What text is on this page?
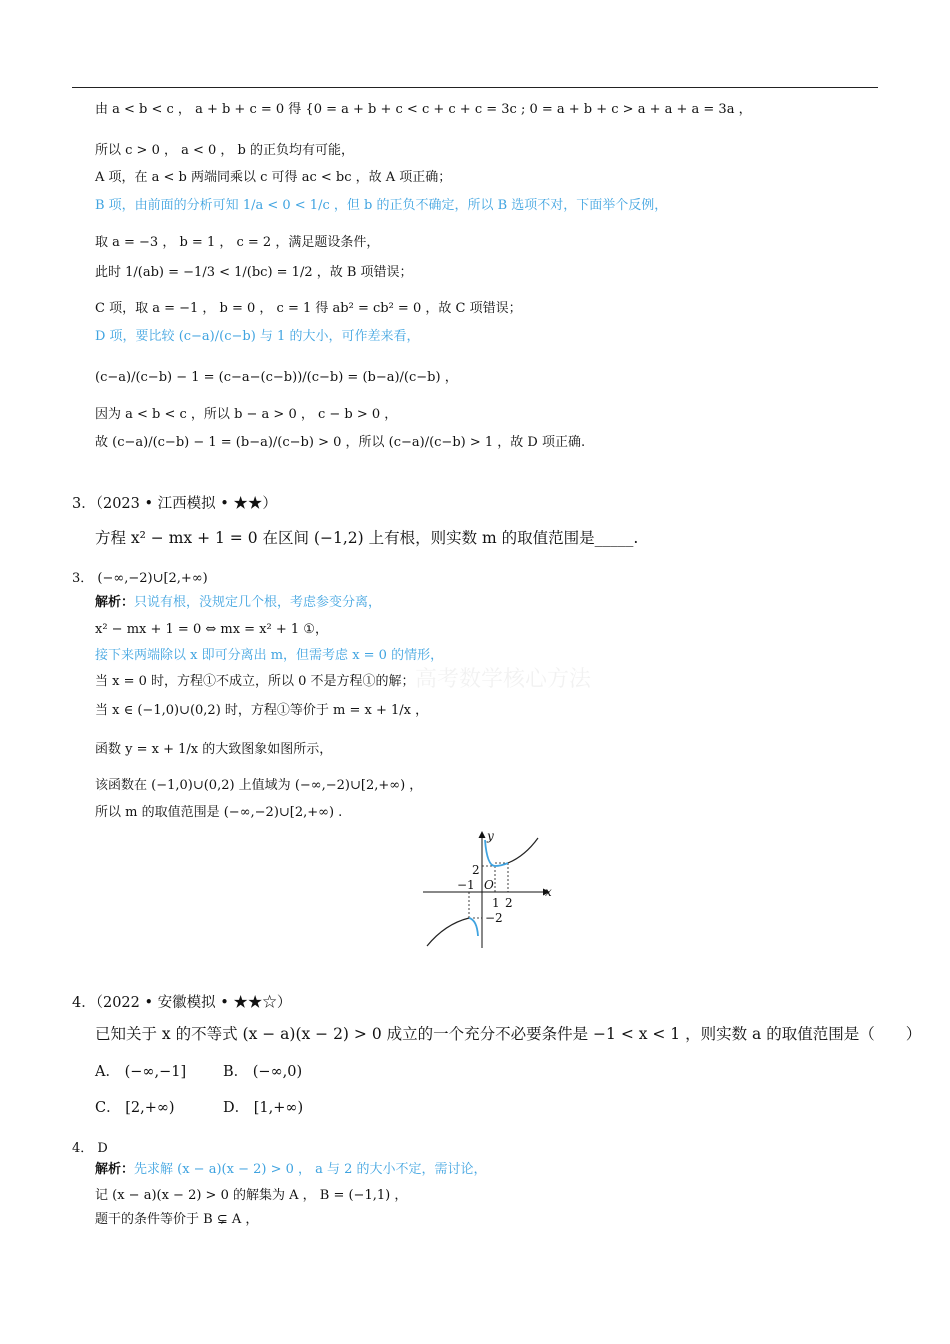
由 a < b < c ， a + b + c = 0 得 {0 = a + b + c < c + c + c = 3c ; 0 = a + b + c > a + a + a = 3a ，
所以 c > 0 ， a < 0 ， b 的正负均有可能，
A 项，在 a < b 两端同乘以 c 可得 ac < bc ，故 A 项正确；
B 项，由前面的分析可知 1/a < 0 < 1/c ，但 b 的正负不确定，所以 B 选项不对，下面举个反例，
取 a = −3 ， b = 1 ， c = 2 ，满足题设条件，
此时 1/(ab) = −1/3 < 1/(bc) = 1/2 ，故 B 项错误；
C 项，取 a = −1 ， b = 0 ， c = 1 得 ab² = cb² = 0 ，故 C 项错误；
D 项，要比较 (c−a)/(c−b) 与 1 的大小，可作差来看，
(c−a)/(c−b) − 1 = (c−a−(c−b))/(c−b) = (b−a)/(c−b) ，
因为 a < b < c ，所以 b − a > 0 ， c − b > 0 ，
故 (c−a)/(c−b) − 1 = (b−a)/(c−b) > 0 ，所以 (c−a)/(c−b) > 1 ，故 D 项正确.
3．（2023 • 江西模拟 • ★★）
方程 x² − mx + 1 = 0 在区间 (−1,2) 上有根，则实数 m 的取值范围是_____.
3． (−∞,−2)∪[2,+∞)
解析：只说有根，没规定几个根，考虑参变分离，
x² − mx + 1 = 0 ⇔ mx = x² + 1 ①，
接下来两端除以 x 即可分离出 m，但需考虑 x = 0 的情形，
当 x = 0 时，方程①不成立，所以 0 不是方程①的解；
当 x ∈ (−1,0)∪(0,2) 时，方程①等价于 m = x + 1/x ，
函数 y = x + 1/x 的大致图象如图所示，
该函数在 (−1,0)∪(0,2) 上值域为 (−∞,−2)∪[2,+∞) ，
所以 m 的取值范围是 (−∞,−2)∪[2,+∞) .
高考数学核心方法
y
x
2
−1 O
1 2
−2
4．（2022 • 安徽模拟 • ★★☆）
已知关于 x 的不等式 (x − a)(x − 2) > 0 成立的一个充分不必要条件是 −1 < x < 1 ，则实数 a 的取值范围是（　　）
A． (−∞,−1]	B． (−∞,0)
C． [2,+∞)	D． [1,+∞)
4． D
解析：先求解 (x − a)(x − 2) > 0 ， a 与 2 的大小不定，需讨论，
记 (x − a)(x − 2) > 0 的解集为 A ， B = (−1,1) ，
题干的条件等价于 B ⊊ A ，
